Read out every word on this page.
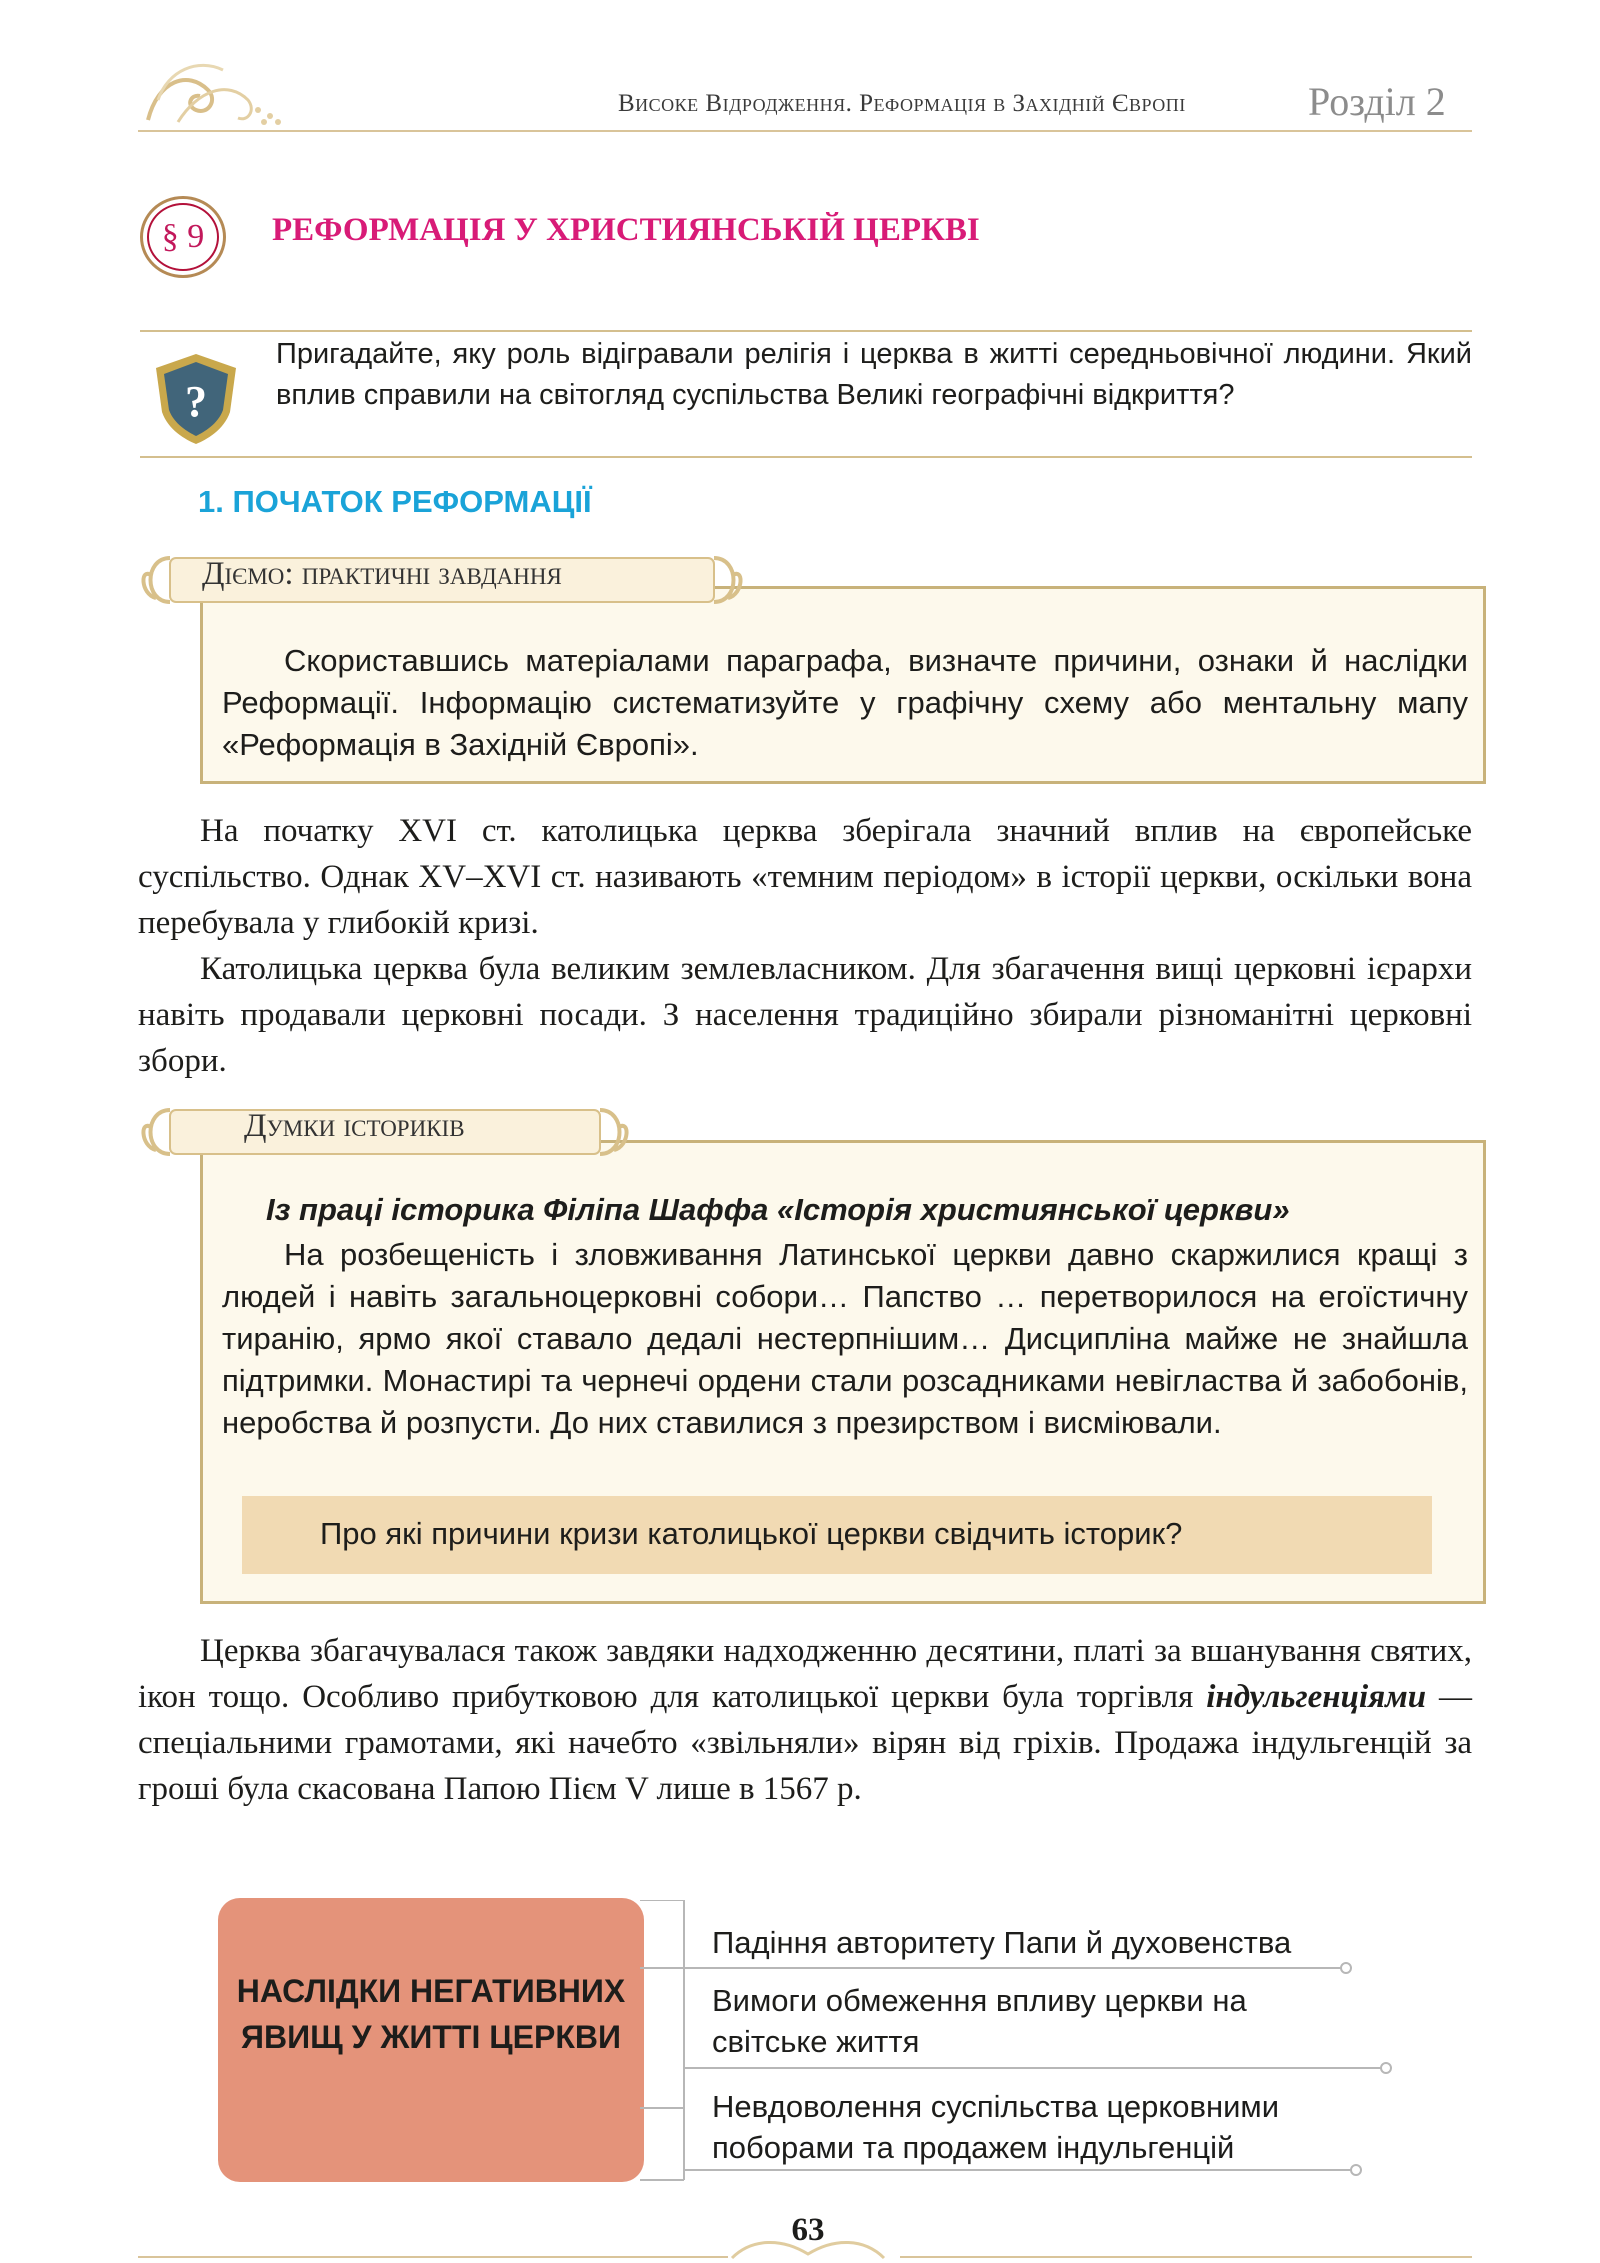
Високе Відродження. Реформація в Західній Європі	Розділ 2
§ 9	РЕФОРМАЦІЯ У ХРИСТИЯНСЬКІЙ ЦЕРКВІ
?
Пригадайте, яку роль відігравали релігія і церква в житті середньовічної людини. Який вплив справили на світогляд суспільства Великі географічні відкриття?
1. ПОЧАТОК РЕФОРМАЦІЇ
Діємо: практичні завдання
Скориставшись матеріалами параграфа, визначте причини, ознаки й наслідки Реформації. Інформацію систематизуйте у графічну схему або ментальну мапу «Реформація в Західній Європі».
На початку XVI ст. католицька церква зберігала значний вплив на європейське суспільство. Однак XV–XVI ст. називають «темним періодом» в історії церкви, оскільки вона перебувала у глибокій кризі.
Католицька церква була великим землевласником. Для збагачення вищі церковні ієрархи навіть продавали церковні посади. З населення традиційно збирали різноманітні церковні збори.
Думки істориків
Із праці історика Філіпа Шаффа «Історія християнської церкви»
На розбещеність і зловживання Латинської церкви давно скаржилися кращі з людей і навіть загальноцерковні собори… Папство … перетворилося на егоїстичну тиранію, ярмо якої ставало дедалі нестерпнішим… Дисципліна майже не знайшла підтримки. Монастирі та чернечі ордени стали розсадниками невігластва й забобонів, неробства й розпусти. До них ставилися з презирством і висміювали.
Про які причини кризи католицької церкви свідчить історик?
Церква збагачувалася також завдяки надходженню десятини, платі за вшанування святих, ікон тощо. Особливо прибутковою для католицької церкви була торгівля індульгенціями — спеціальними грамотами, які начебто «звільняли» вірян від гріхів. Продажа індульгенцій за гроші була скасована Папою Пієм V лише в 1567 р.
НАСЛІДКИ НЕГАТИВНИХ ЯВИЩ У ЖИТТІ ЦЕРКВИ
Падіння авторитету Папи й духовенства
Вимоги обмеження впливу церкви на світське життя
Невдоволення суспільства церковними поборами та продажем індульгенцій
63
